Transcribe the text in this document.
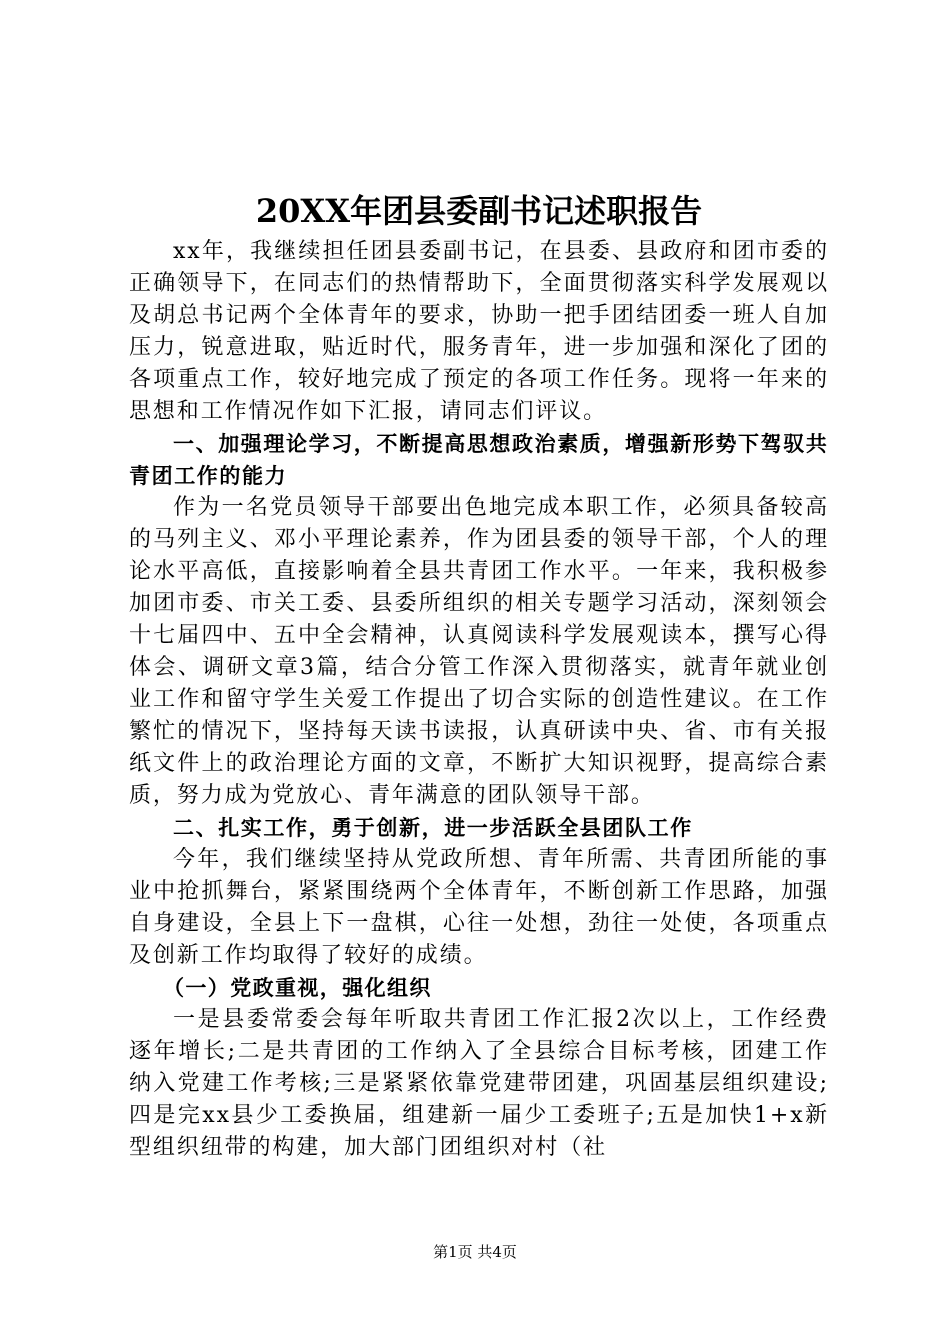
20XX年团县委副书记述职报告

xx年，我继续担任团县委副书记，在县委、县政府和团市委的正确领导下，在同志们的热情帮助下，全面贯彻落实科学发展观以及胡总书记两个全体青年的要求，协助一把手团结团委一班人自加压力，锐意进取，贴近时代，服务青年，进一步加强和深化了团的各项重点工作，较好地完成了预定的各项工作任务。现将一年来的思想和工作情况作如下汇报，请同志们评议。

一、加强理论学习，不断提高思想政治素质，增强新形势下驾驭共青团工作的能力

作为一名党员领导干部要出色地完成本职工作，必须具备较高的马列主义、邓小平理论素养，作为团县委的领导干部，个人的理论水平高低，直接影响着全县共青团工作水平。一年来，我积极参加团市委、市关工委、县委所组织的相关专题学习活动，深刻领会十七届四中、五中全会精神，认真阅读科学发展观读本，撰写心得体会、调研文章3篇，结合分管工作深入贯彻落实，就青年就业创业工作和留守学生关爱工作提出了切合实际的创造性建议。在工作繁忙的情况下，坚持每天读书读报，认真研读中央、省、市有关报纸文件上的政治理论方面的文章，不断扩大知识视野，提高综合素质，努力成为党放心、青年满意的团队领导干部。

二、扎实工作，勇于创新，进一步活跃全县团队工作

今年，我们继续坚持从党政所想、青年所需、共青团所能的事业中抢抓舞台，紧紧围绕两个全体青年，不断创新工作思路，加强自身建设，全县上下一盘棋，心往一处想，劲往一处使，各项重点及创新工作均取得了较好的成绩。

（一）党政重视，强化组织

一是县委常委会每年听取共青团工作汇报2次以上，工作经费逐年增长;二是共青团的工作纳入了全县综合目标考核，团建工作纳入党建工作考核;三是紧紧依靠党建带团建，巩固基层组织建设;四是完xx县少工委换届，组建新一届少工委班子;五是加快1+x新型组织纽带的构建，加大部门团组织对村（社

第1页 共4页
